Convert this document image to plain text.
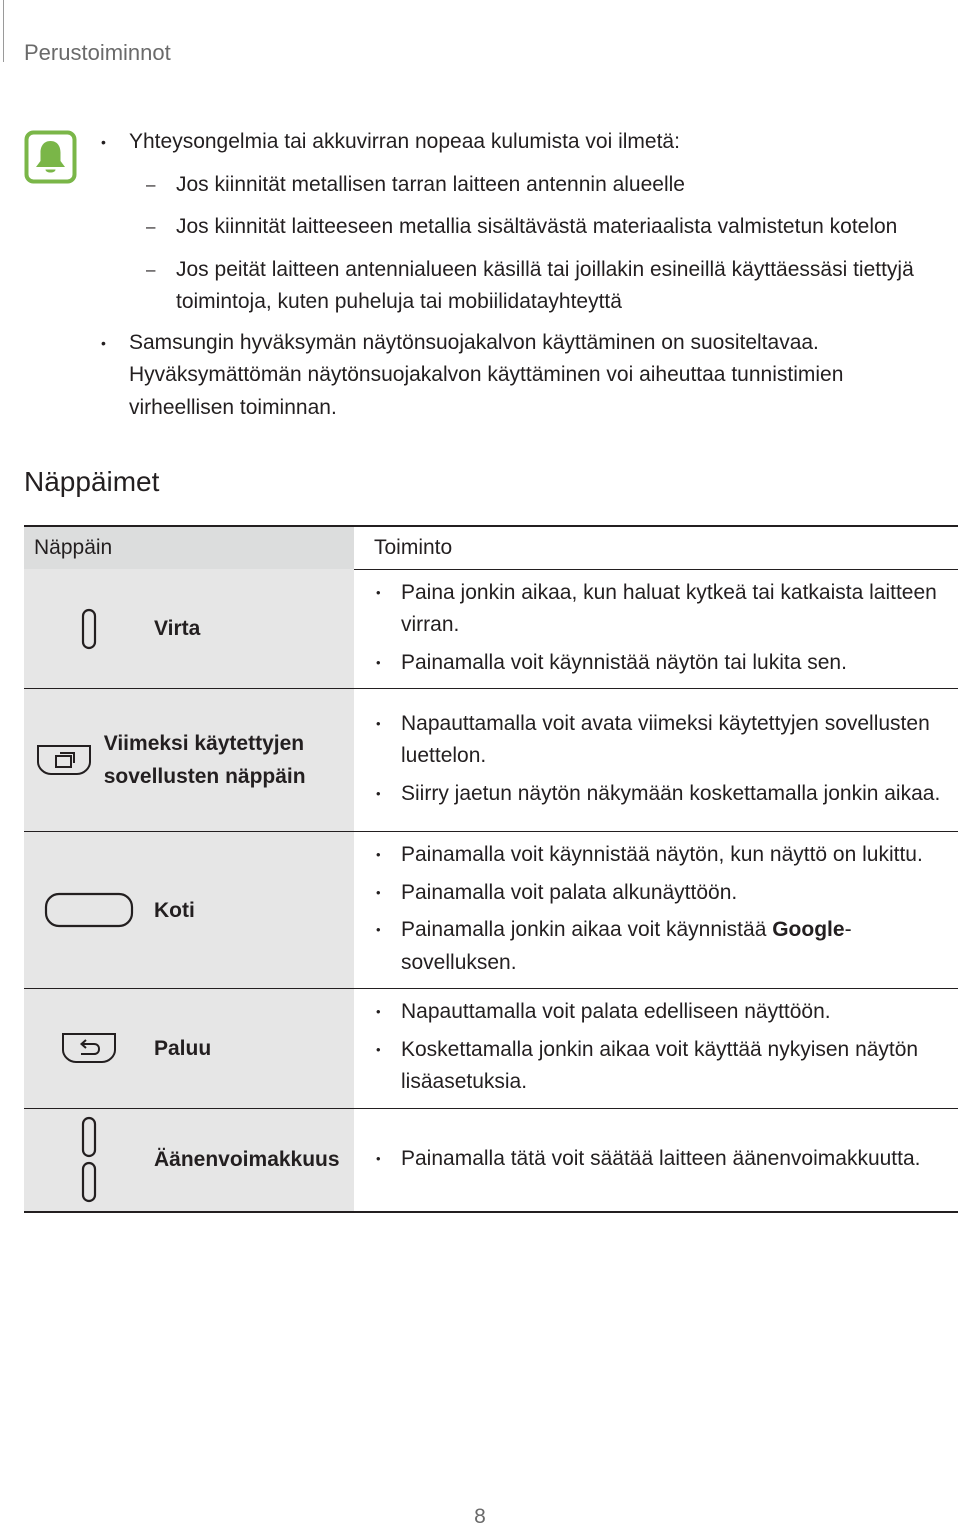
Perustoiminnot
• Yhteysongelmia tai akkuvirran nopeaa kulumista voi ilmetä:
– Jos kiinnität metallisen tarran laitteen antennin alueelle
– Jos kiinnität laitteeseen metallia sisältävästä materiaalista valmistetun kotelon
– Jos peität laitteen antennialueen käsillä tai joillakin esineillä käyttäessäsi tiettyjä toimintoja, kuten puheluja tai mobiilidatayhteyttä
• Samsungin hyväksymän näytönsuojakalvon käyttäminen on suositeltavaa. Hyväksymättömän näytönsuojakalvon käyttäminen voi aiheuttaa tunnistimien virheellisen toiminnan.
Näppäimet
Näppäin	Toiminto

Virta	• Paina jonkin aikaa, kun haluat kytkeä tai katkaista laitteen virran.
• Painamalla voit käynnistää näytön tai lukita sen.

Viimeksi käytettyjen sovellusten näppäin	• Napauttamalla voit avata viimeksi käytettyjen sovellusten luettelon.
• Siirry jaetun näytön näkymään koskettamalla jonkin aikaa.

Koti	• Painamalla voit käynnistää näytön, kun näyttö on lukittu.
• Painamalla voit palata alkunäyttöön.
• Painamalla jonkin aikaa voit käynnistää Google-sovelluksen.

Paluu	• Napauttamalla voit palata edelliseen näyttöön.
• Koskettamalla jonkin aikaa voit käyttää nykyisen näytön lisäasetuksia.

Äänenvoimakkuus	• Painamalla tätä voit säätää laitteen äänenvoimakkuutta.
8
